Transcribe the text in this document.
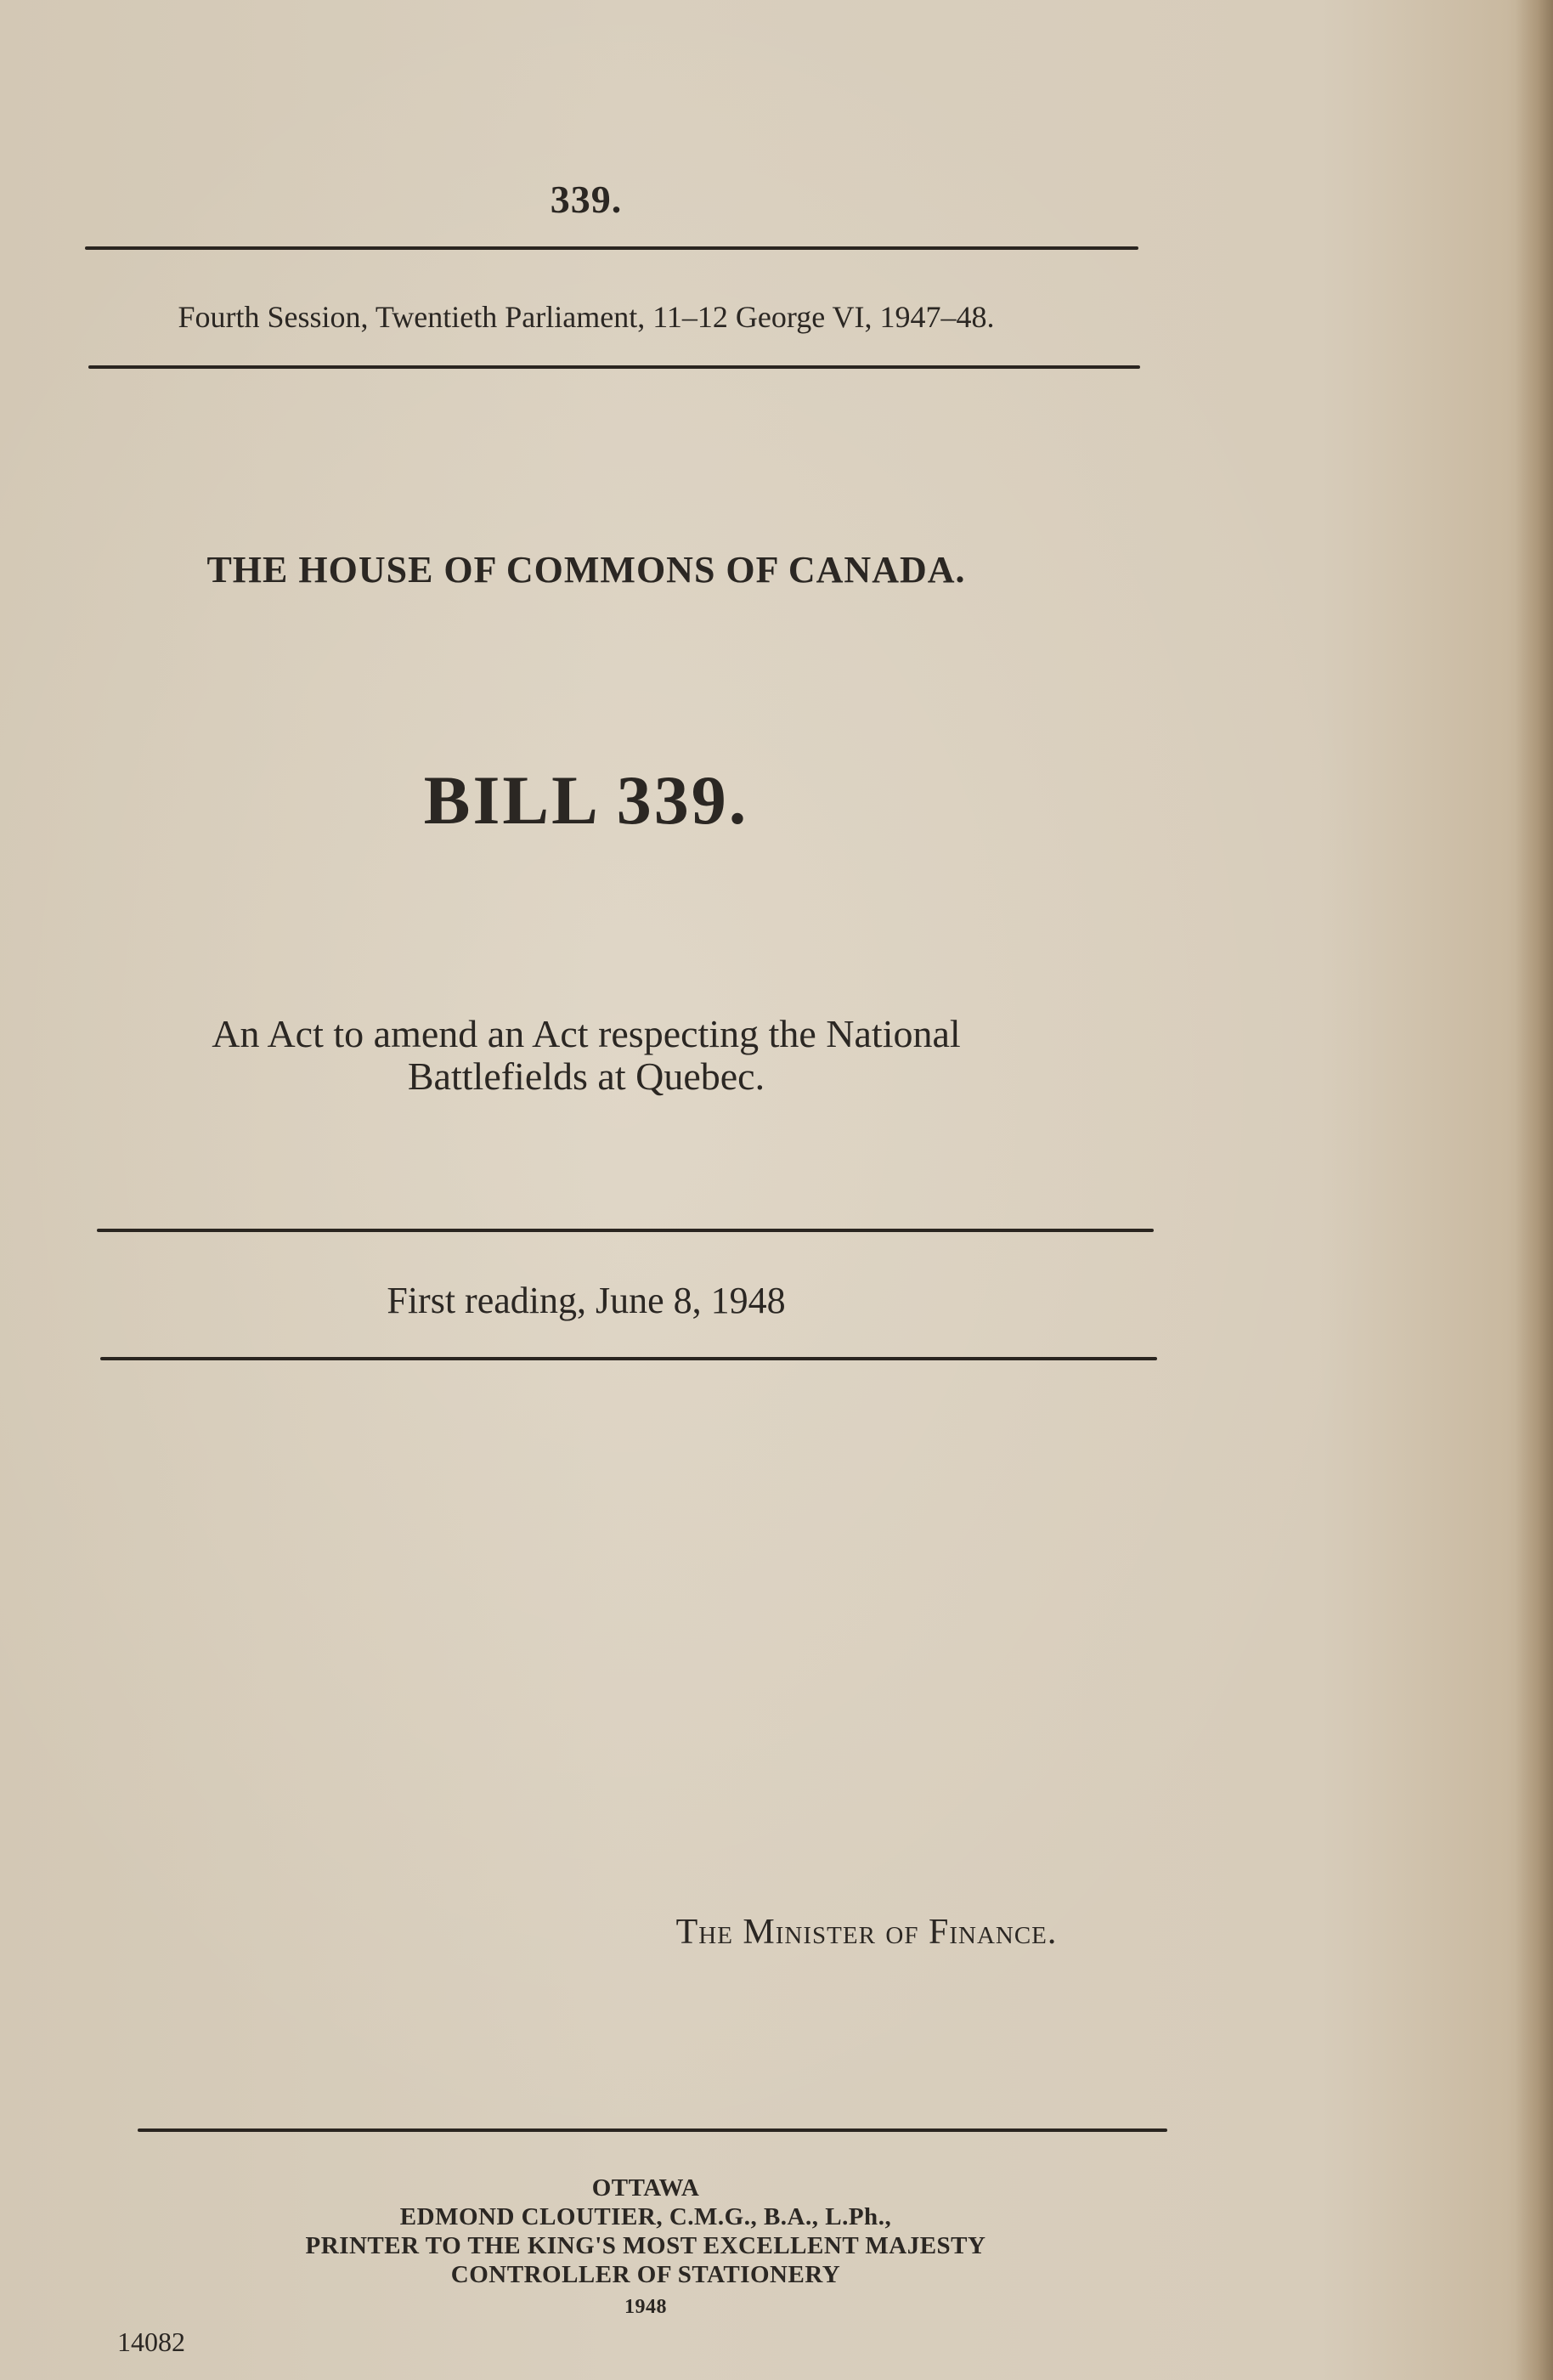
339.
Fourth Session, Twentieth Parliament, 11–12 George VI, 1947–48.
THE HOUSE OF COMMONS OF CANADA.
BILL 339.
An Act to amend an Act respecting the National
Battlefields at Quebec.
First reading, June 8, 1948
The Minister of Finance.
OTTAWA
EDMOND CLOUTIER, C.M.G., B.A., L.Ph.,
PRINTER TO THE KING'S MOST EXCELLENT MAJESTY
CONTROLLER OF STATIONERY
1948
14082
